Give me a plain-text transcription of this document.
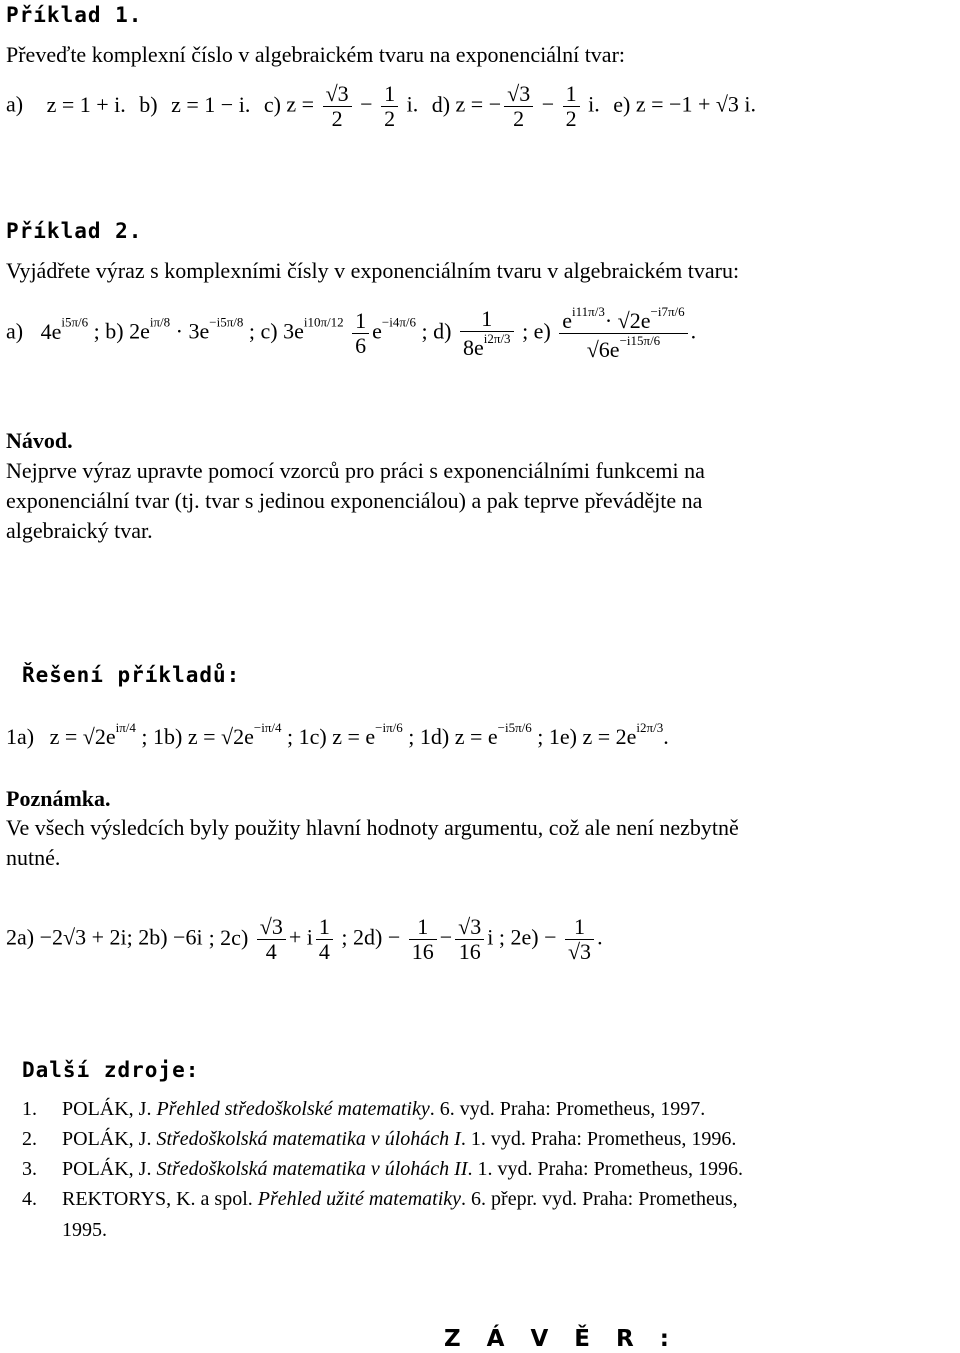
Příklad 1.
Převeďte komplexní číslo v algebraickém tvaru na exponenciální tvar:
a) z = 1 + i. b) z = 1 − i. c) $z = \frac{√3}{2} - \frac{1}{2} i$. d) z = − $\frac{√3}{2} - \frac{1}{2} i$. e) z = −1 + √3 i.
Příklad 2.
Vyjádřete výraz s komplexními čísly v exponenciálním tvaru v algebraickém tvaru:
a) $4e^{i5\pi/6}$ ; b) $2e^{i\pi/8} \cdot 3e^{-i5\pi/8}$ ; c) $3e^{i10\pi/12} \frac{1}{6} e^{-i4\pi/6}$ ; $d) \frac{1}{8e^{i2\pi/3}}$ ; $e) \frac{e^{i11\pi/3}\cdot √2e^{-i7\pi/6}}{√6e^{-i15\pi/6}}$ .
Návod.
Nejprve výraz upravte pomocí vzorců pro práci s exponenciálními funkcemi na
exponenciální tvar (tj. tvar s jedinou exponenciálou) a pak teprve převádějte na
algebraický tvar.
Řešení příkladů:
1a) $z = √2e^{i\pi/4}$ ; 1b) $z = √2e^{-i\pi/4}$ ; 1c) $z = e^{-i\pi/6}$ ; 1d) $z = e^{-i5\pi/6}$ ; 1e) $z = 2e^{i2\pi/3}$.
Poznámka.
Ve všech výsledcích byly použity hlavní hodnoty argumentu, což ale není nezbytně
nutné.
2a) −2√3 + 2i; 2b) −6i ; $2c) \frac{√3}{4} + i \frac{1}{4}$ ; $2d) - \frac{1}{16} - \frac{√3}{16}$ i ; $2e) - \frac{1}{√3}$ .
Další zdroje:
1. POLÁK, J. Přehled středoškolské matematiky. 6. vyd. Praha: Prometheus, 1997.
2. POLÁK, J. Středoškolská matematika v úlohách I. 1. vyd. Praha: Prometheus, 1996.
3. POLÁK, J. Středoškolská matematika v úlohách II. 1. vyd. Praha: Prometheus, 1996.
4. REKTORYS, K. a spol. Přehled užité matematiky. 6. přepr. vyd. Praha: Prometheus,
1995.
Z Á V Ě R :
